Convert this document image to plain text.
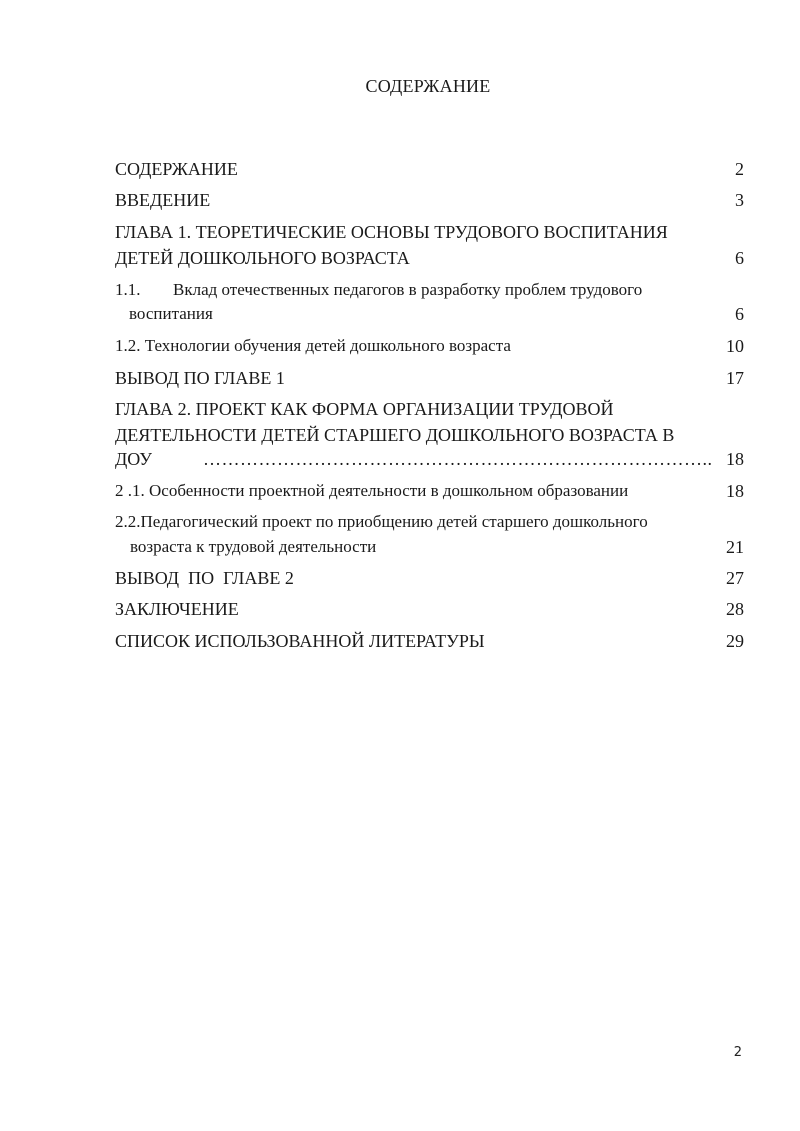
СОДЕРЖАНИЕ
СОДЕРЖАНИЕ	2
ВВЕДЕНИЕ	3
ГЛАВА 1. ТЕОРЕТИЧЕСКИЕ ОСНОВЫ ТРУДОВОГО ВОСПИТАНИЯ
ДЕТЕЙ ДОШКОЛЬНОГО ВОЗРАСТА	6
1.1. Вклад отечественных педагогов в разработку проблем трудового
воспитания	6
1.2. Технологии обучения детей дошкольного возраста	10
ВЫВОД ПО ГЛАВЕ 1	17
ГЛАВА 2. ПРОЕКТ КАК ФОРМА ОРГАНИЗАЦИИ ТРУДОВОЙ
ДЕЯТЕЛЬНОСТИ ДЕТЕЙ СТАРШЕГО ДОШКОЛЬНОГО ВОЗРАСТА В
ДОУ	……………………………………………………………………….. 18
2 .1. Особенности проектной деятельности в дошкольном образовании	18
2.2.Педагогический проект по приобщению детей старшего дошкольного
возраста к трудовой деятельности	21
ВЫВОД  ПО  ГЛАВЕ 2	27
ЗАКЛЮЧЕНИЕ	28
СПИСОК ИСПОЛЬЗОВАННОЙ ЛИТЕРАТУРЫ	29
2
